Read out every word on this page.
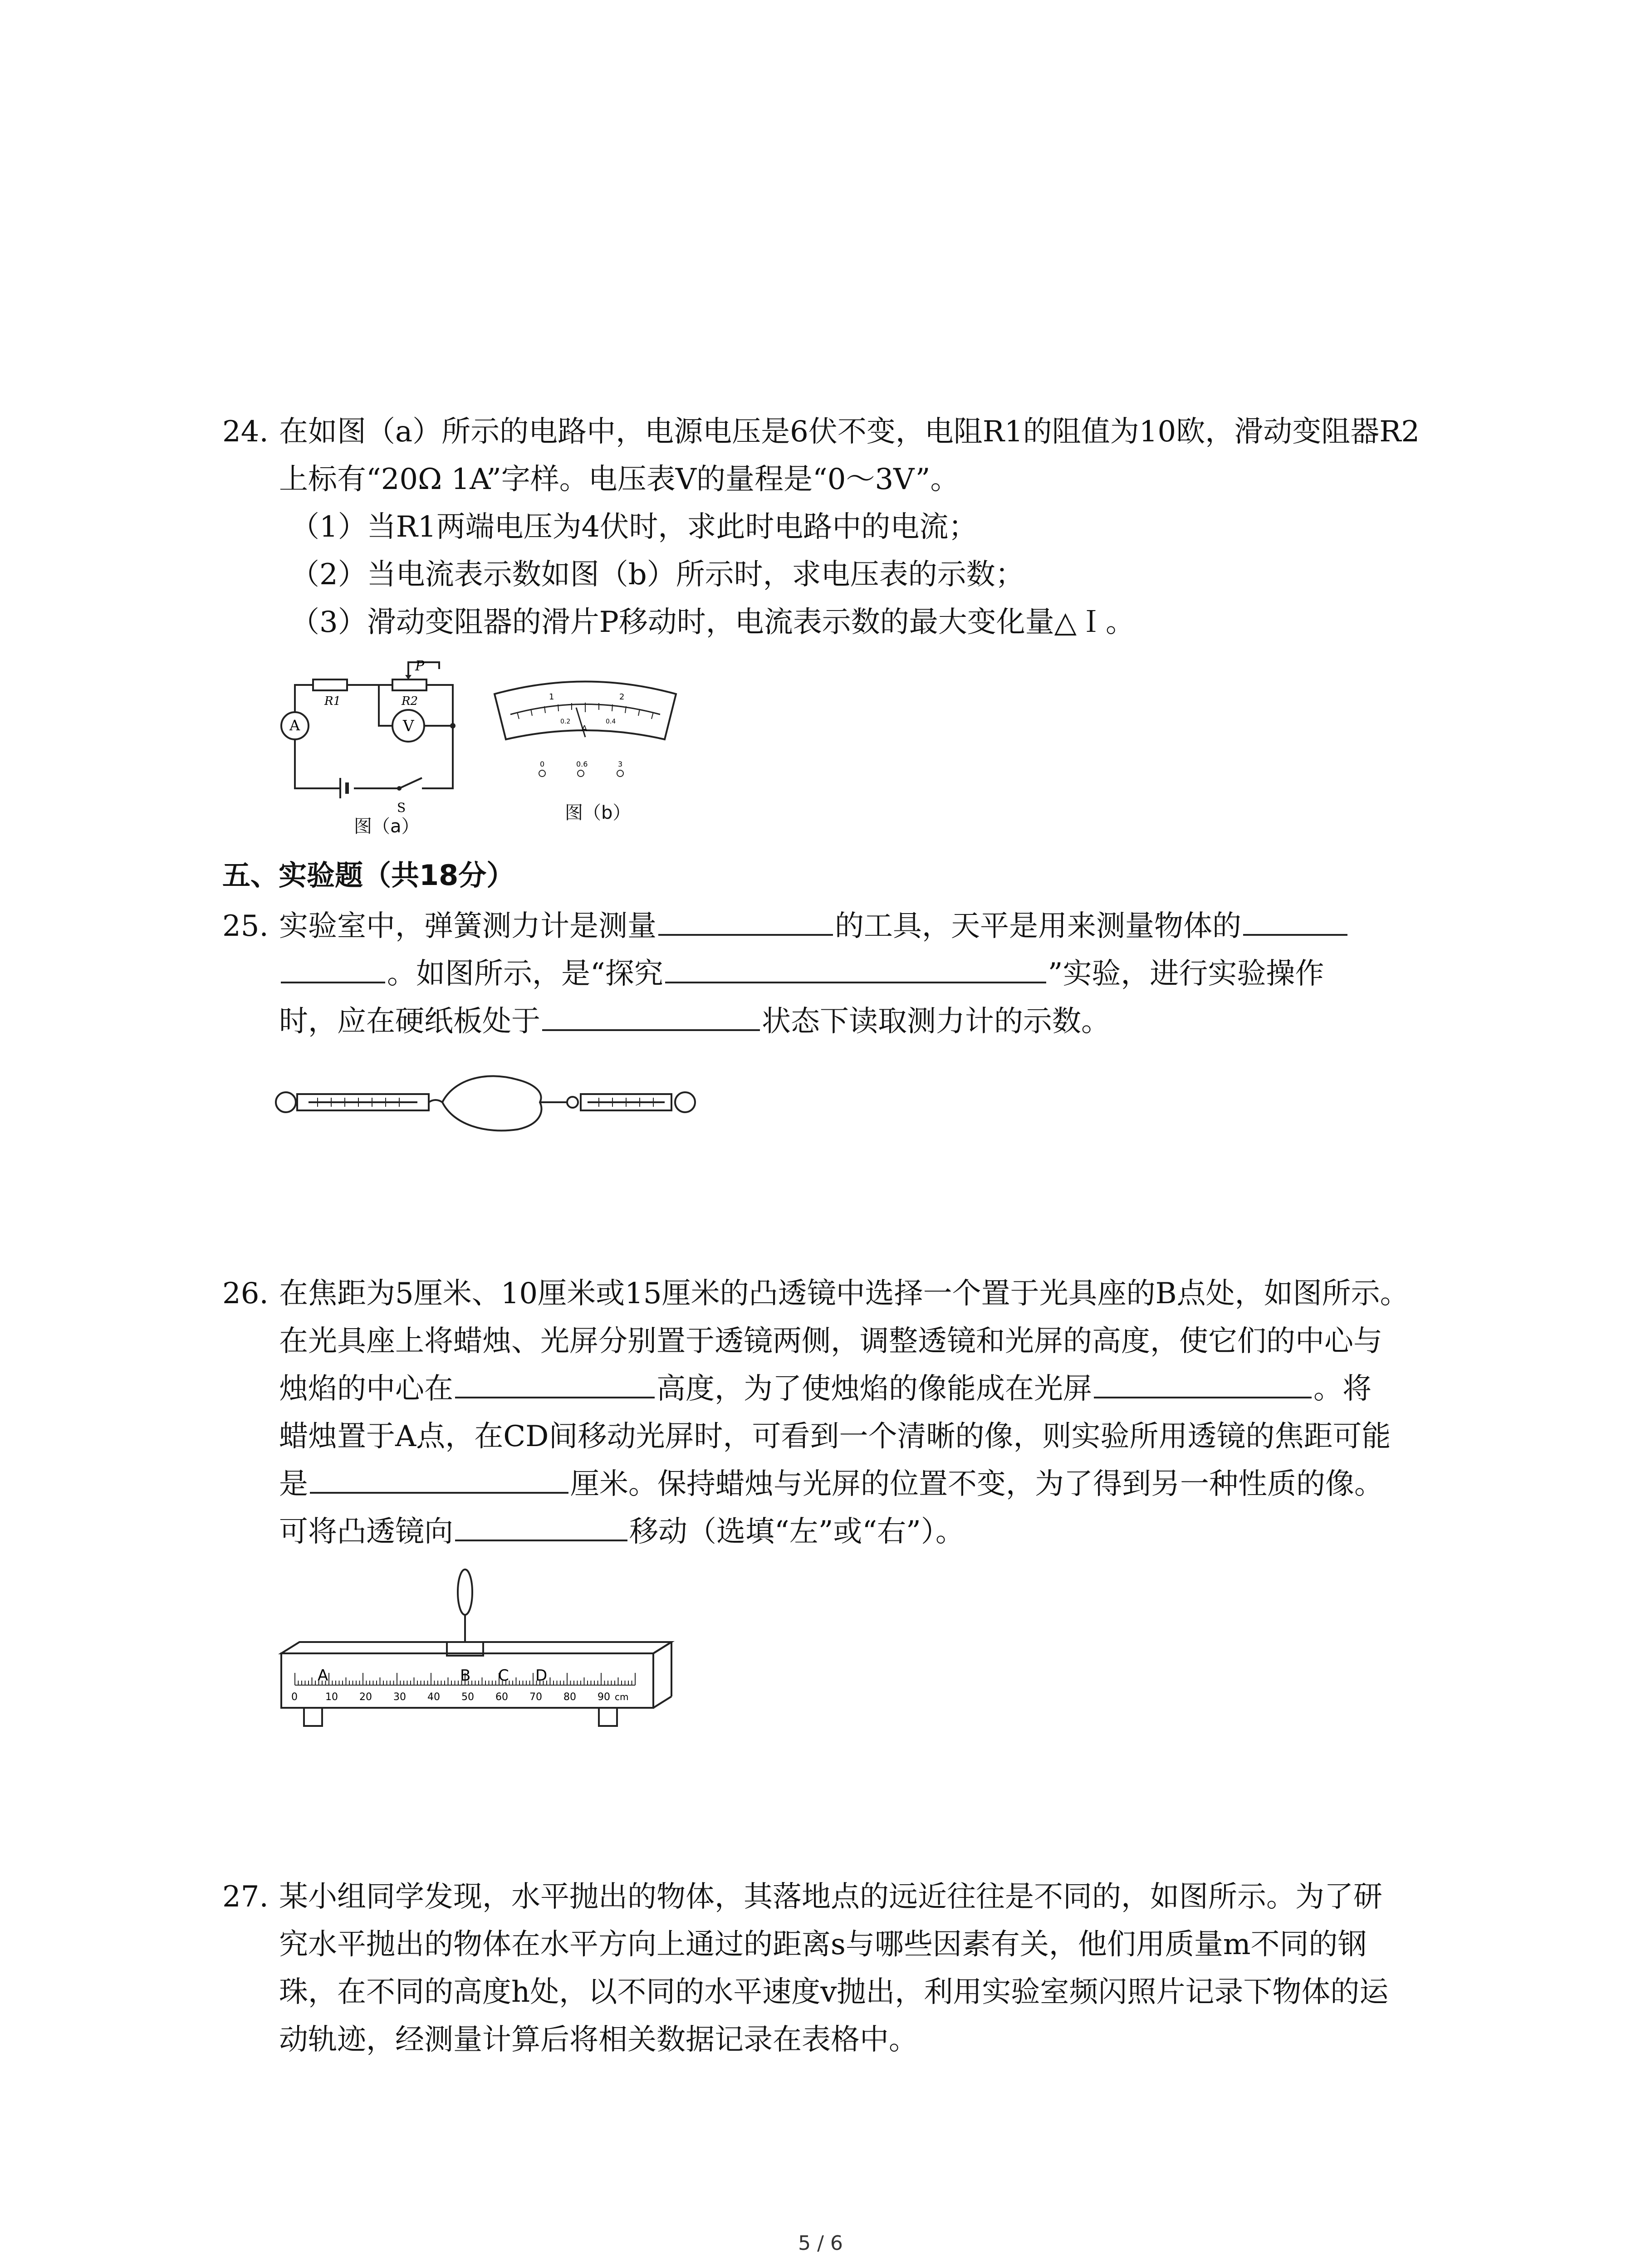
24. 在如图（a）所示的电路中，电源电压是6伏不变，电阻R1的阻值为10欧，滑动变阻器R2
上标有“20Ω 1A”字样。电压表V的量程是“0～3V”。
（1）当R1两端电压为4伏时，求此时电路中的电流；
（2）当电流表示数如图（b）所示时，求电压表的示数；
（3）滑动变阻器的滑片P移动时，电流表示数的最大变化量△Ｉ。
R1	R2
P
A	V
S
图（a）
1	2
0.2	0.4
A
0	0.6	3
图（b）
五、实验题（共18分）
25. 实验室中，弹簧测力计是测量	的工具，天平是用来测量物体的
。如图所示，是“探究	”实验，进行实验操作
时，应在硬纸板处于	状态下读取测力计的示数。
26. 在焦距为5厘米、10厘米或15厘米的凸透镜中选择一个置于光具座的B点处，如图所示。
在光具座上将蜡烛、光屏分别置于透镜两侧，调整透镜和光屏的高度，使它们的中心与
烛焰的中心在	高度，为了使烛焰的像能成在光屏	。将
蜡烛置于A点，在CD间移动光屏时，可看到一个清晰的像，则实验所用透镜的焦距可能
是	厘米。保持蜡烛与光屏的位置不变，为了得到另一种性质的像。
可将凸透镜向	移动（选填“左”或“右”）。
A	B C D
0	10 20 30 40 50 60 70 80 90 cm
27. 某小组同学发现，水平抛出的物体，其落地点的远近往往是不同的，如图所示。为了研
究水平抛出的物体在水平方向上通过的距离s与哪些因素有关，他们用质量m不同的钢
珠，在不同的高度h处，以不同的水平速度v抛出，利用实验室频闪照片记录下物体的运
动轨迹，经测量计算后将相关数据记录在表格中。
5 / 6
